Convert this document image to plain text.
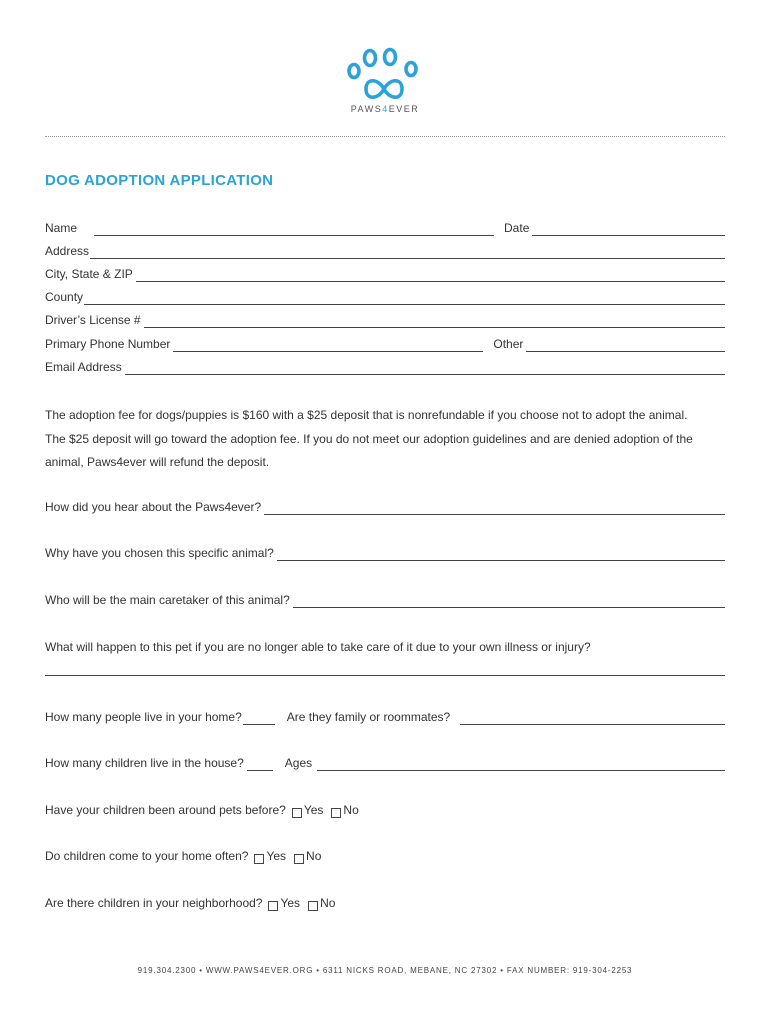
PAWS4EVER
DOG ADOPTION APPLICATION
Name	Date
Address
City, State & ZIP
County
Driver’s License #
Primary Phone Number	Other
Email Address

The adoption fee for dogs/puppies is $160 with a $25 deposit that is nonrefundable if you choose not to adopt the animal.

The $25 deposit will go toward the adoption fee. If you do not meet our adoption guidelines and are denied adoption of the

animal, Paws4ever will refund the deposit.

How did you hear about the Paws4ever?
Why have you chosen this specific animal?
Who will be the main caretaker of this animal?
What will happen to this pet if you are no longer able to take care of it due to your own illness or injury?
How many people live in your home?	Are they family or roommates?
How many children live in the house?	Ages
Have your children been around pets before? Yes No
Do children come to your home often? Yes No
Are there children in your neighborhood? Yes No
919.304.2300 • WWW.PAWS4EVER.ORG • 6311 NICKS ROAD, MEBANE, NC 27302 • FAX NUMBER: 919-304-2253
